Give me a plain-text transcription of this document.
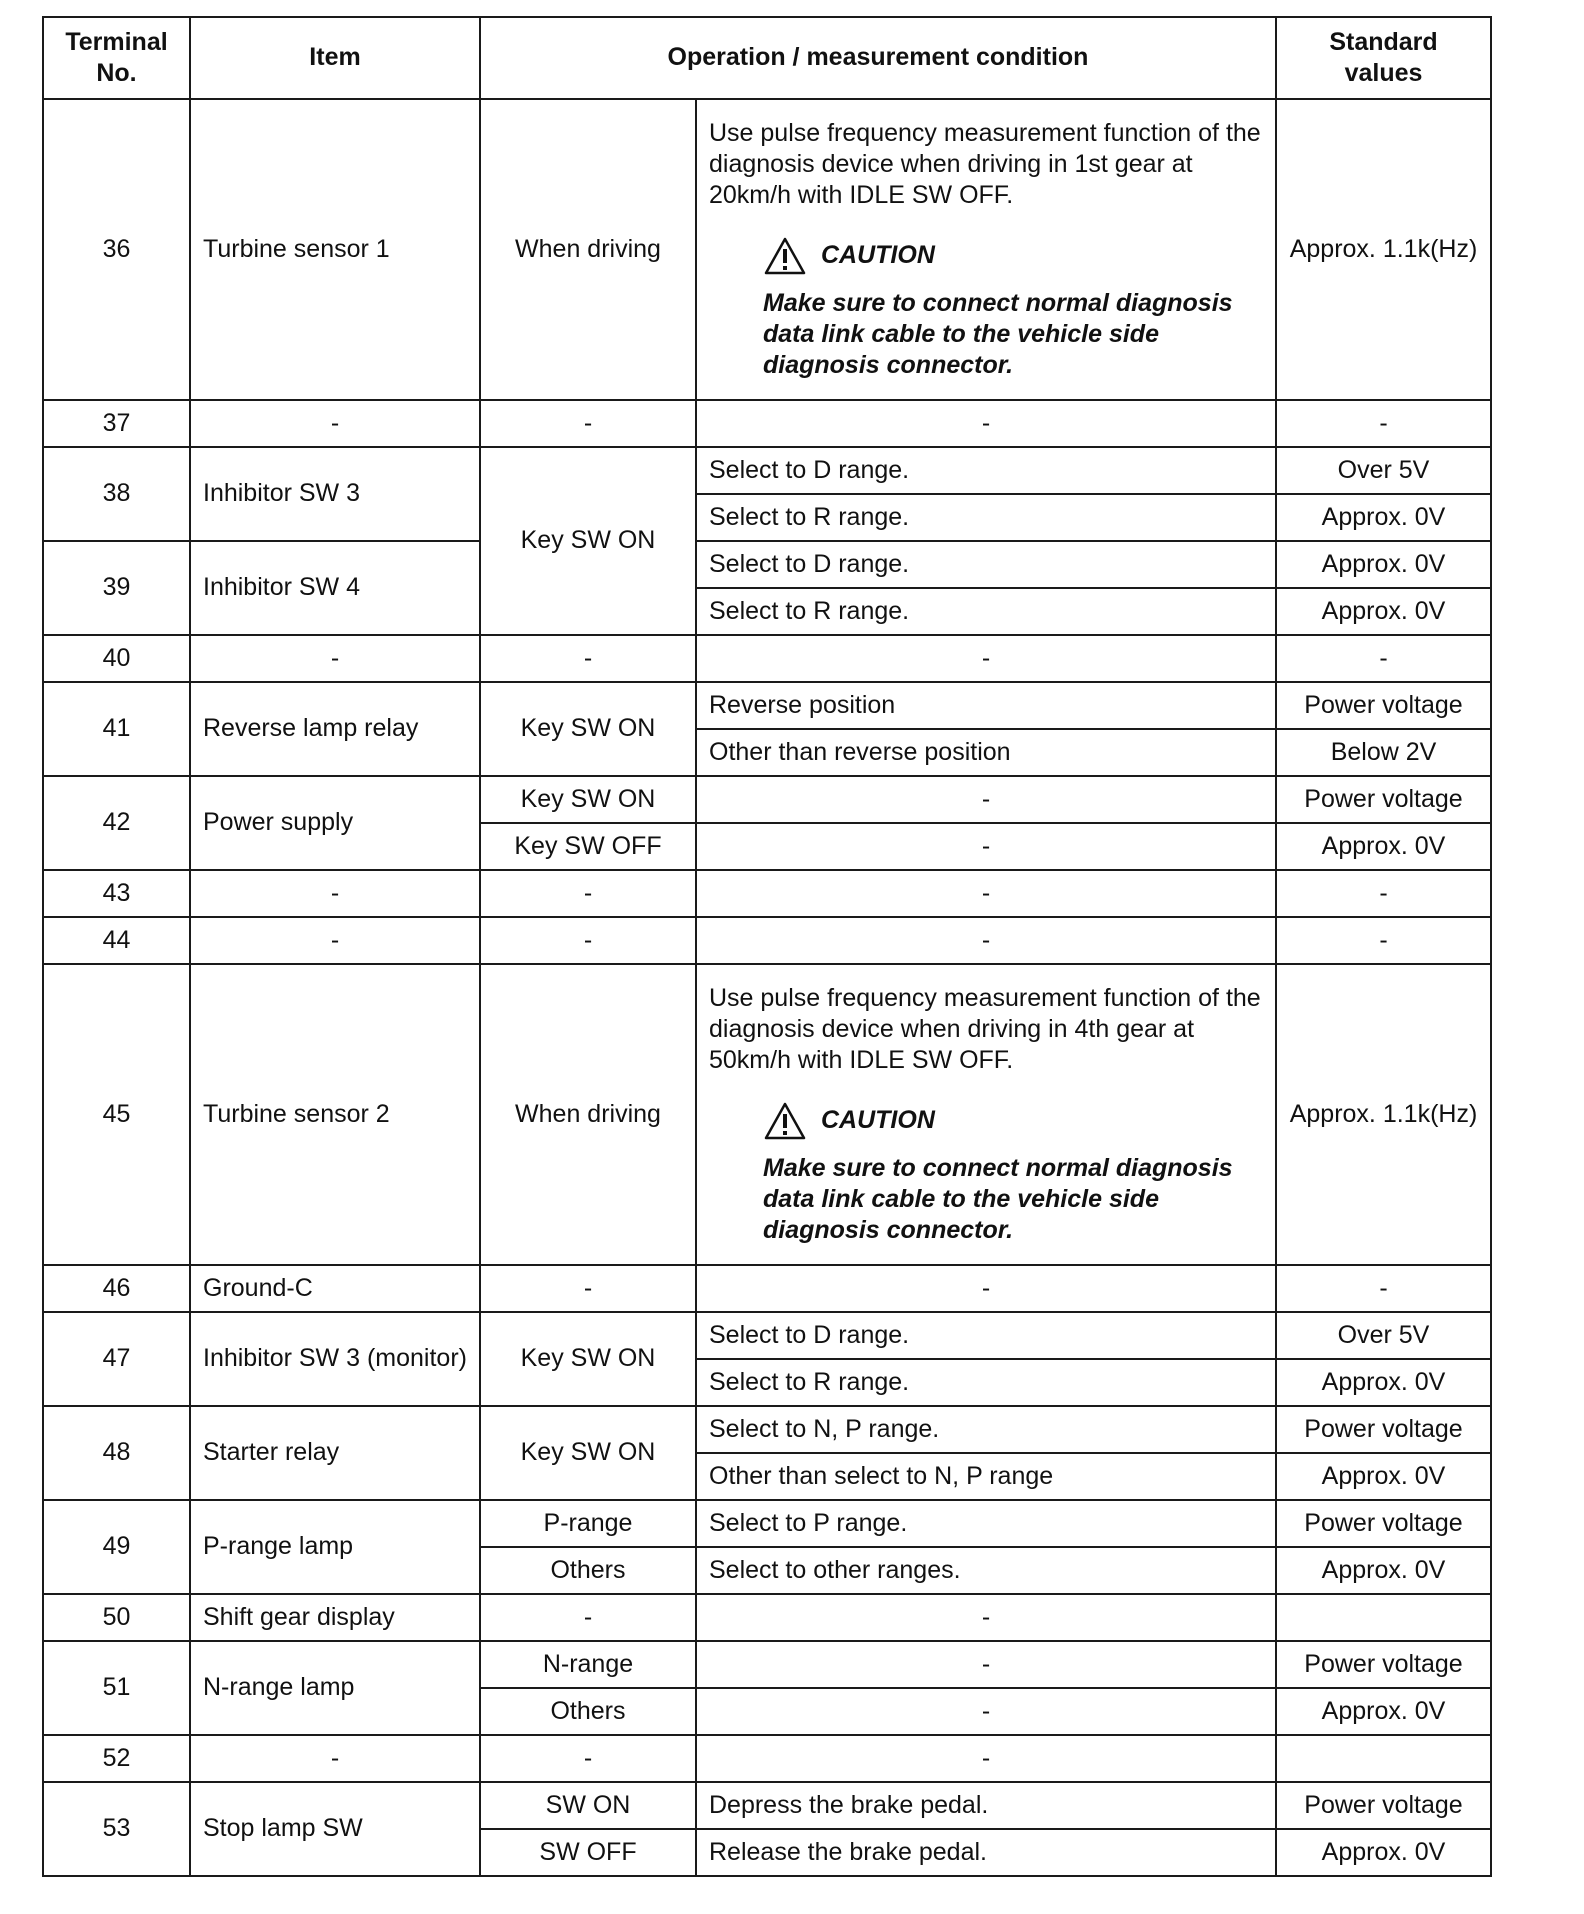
Terminal No.	Item	Operation / measurement condition		Standard values
36	Turbine sensor 1	When driving	Use pulse frequency measurement function of the diagnosis device when driving in 1st gear at 20km/h with IDLE SW OFF.
CAUTION
Make sure to connect normal diagnosis data link cable to the vehicle side diagnosis connector.	Approx. 1.1k(Hz)
37	-	-	-	-
38	Inhibitor SW 3	Key SW ON	Select to D range.	Over 5V
			Select to R range.	Approx. 0V
39	Inhibitor SW 4		Select to D range.	Approx. 0V
			Select to R range.	Approx. 0V
40	-	-	-	-
41	Reverse lamp relay	Key SW ON	Reverse position	Power voltage
			Other than reverse position	Below 2V
42	Power supply	Key SW ON	-	Power voltage
		Key SW OFF	-	Approx. 0V
43	-	-	-	-
44	-	-	-	-
45	Turbine sensor 2	When driving	Use pulse frequency measurement function of the diagnosis device when driving in 4th gear at 50km/h with IDLE SW OFF.
CAUTION
Make sure to connect normal diagnosis data link cable to the vehicle side diagnosis connector.	Approx. 1.1k(Hz)
46	Ground-C	-	-	-
47	Inhibitor SW 3 (monitor)	Key SW ON	Select to D range.	Over 5V
			Select to R range.	Approx. 0V
48	Starter relay	Key SW ON	Select to N, P range.	Power voltage
			Other than select to N, P range	Approx. 0V
49	P-range lamp	P-range	Select to P range.	Power voltage
		Others	Select to other ranges.	Approx. 0V
50	Shift gear display	-	-	
51	N-range lamp	N-range	-	Power voltage
		Others	-	Approx. 0V
52	-	-	-	
53	Stop lamp SW	SW ON	Depress the brake pedal.	Power voltage
		SW OFF	Release the brake pedal.	Approx. 0V
